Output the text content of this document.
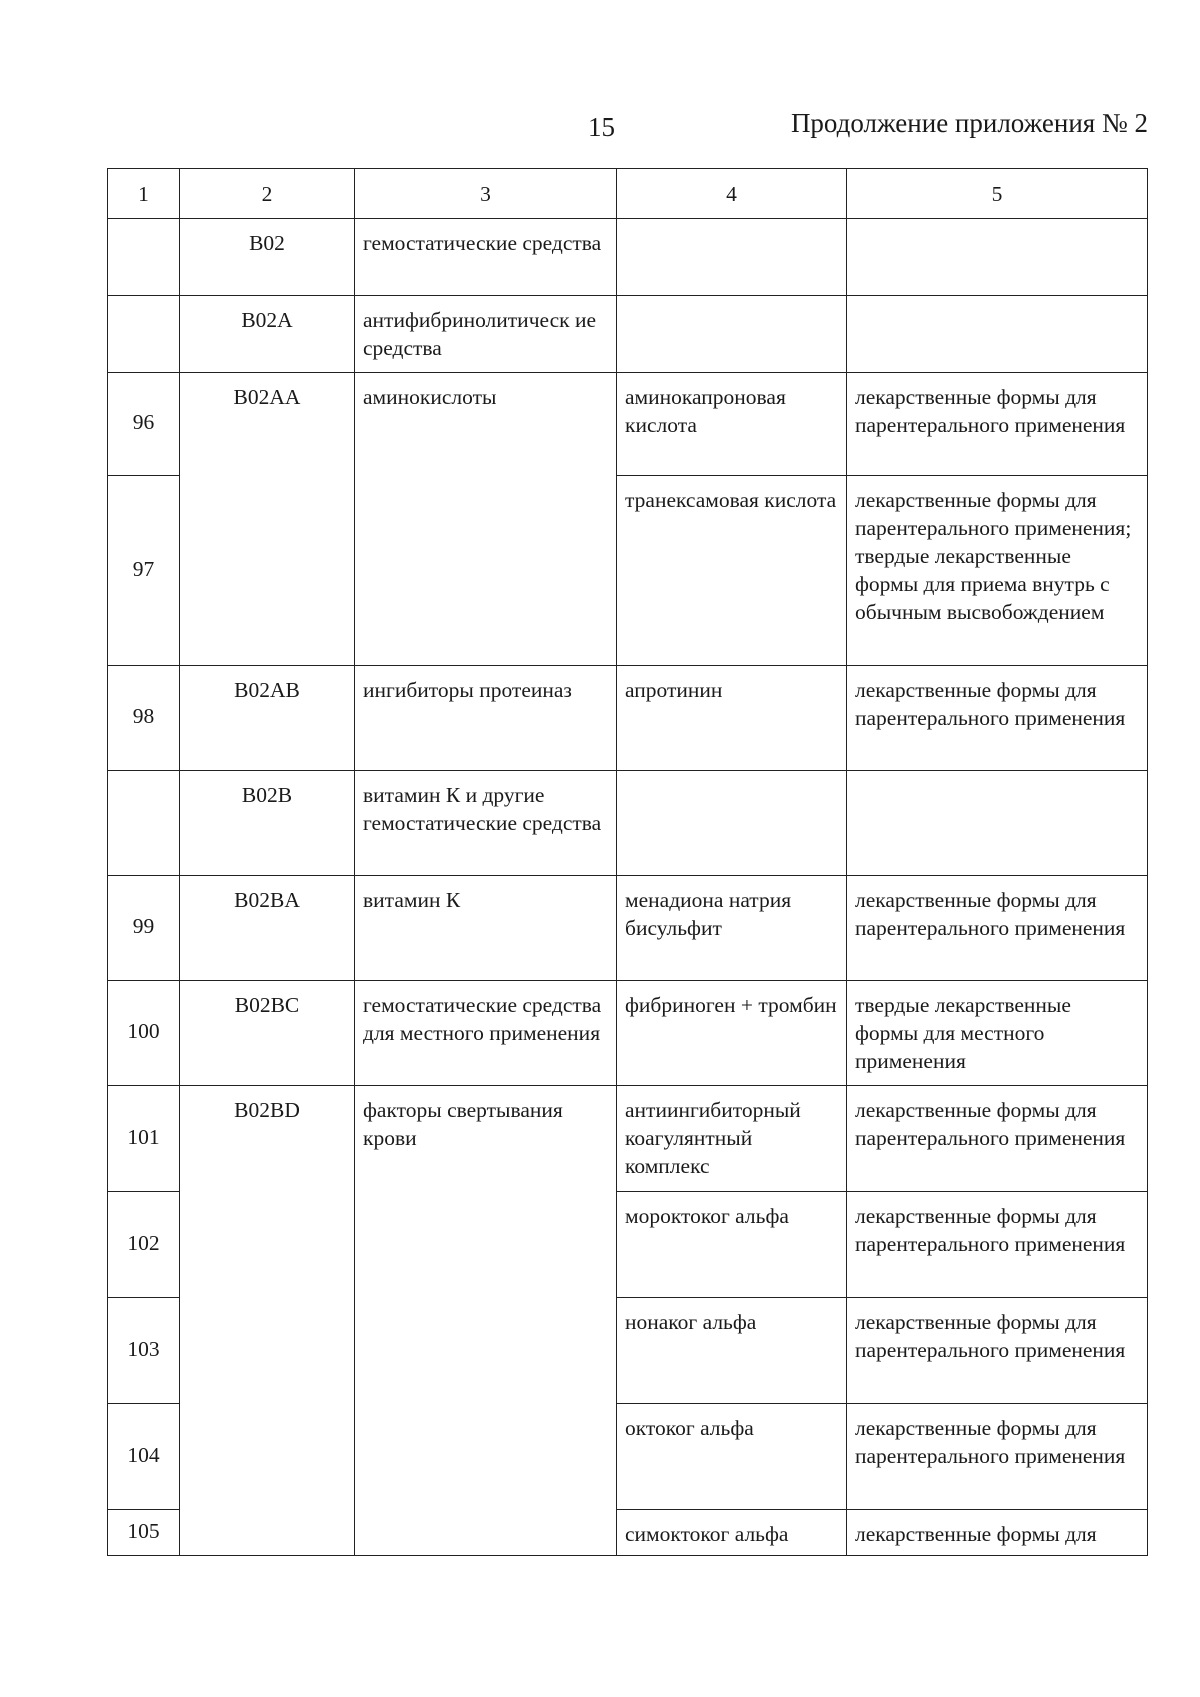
15	Продолжение приложения № 2
1	2	3	4	5
	B02	гемостатические средства		
	B02A	антифибринолитическ ие средства		
96	B02AA	аминокислоты	аминокапроновая кислота	лекарственные формы для парентерального применения
97			транексамовая кислота	лекарственные формы для парентерального применения;
твердые лекарственные формы для приема внутрь с обычным высвобождением

98	B02AB	ингибиторы протеиназ	апротинин	лекарственные формы для парентерального применения
	B02B	витамин К и другие гемостатические средства		
99	B02BA	витамин К	менадиона натрия бисульфит	лекарственные формы для парентерального применения
100	B02BC	гемостатические средства для местного применения	фибриноген + тромбин	твердые лекарственные формы для местного применения
101	B02BD	факторы свертывания крови	антиингибиторный коагулянтный комплекс	лекарственные формы для парентерального применения
102			мороктоког альфа	лекарственные формы для парентерального применения
103			нонаког альфа	лекарственные формы для парентерального применения
104			октоког альфа	лекарственные формы для парентерального применения
105			симоктоког альфа	лекарственные формы для
